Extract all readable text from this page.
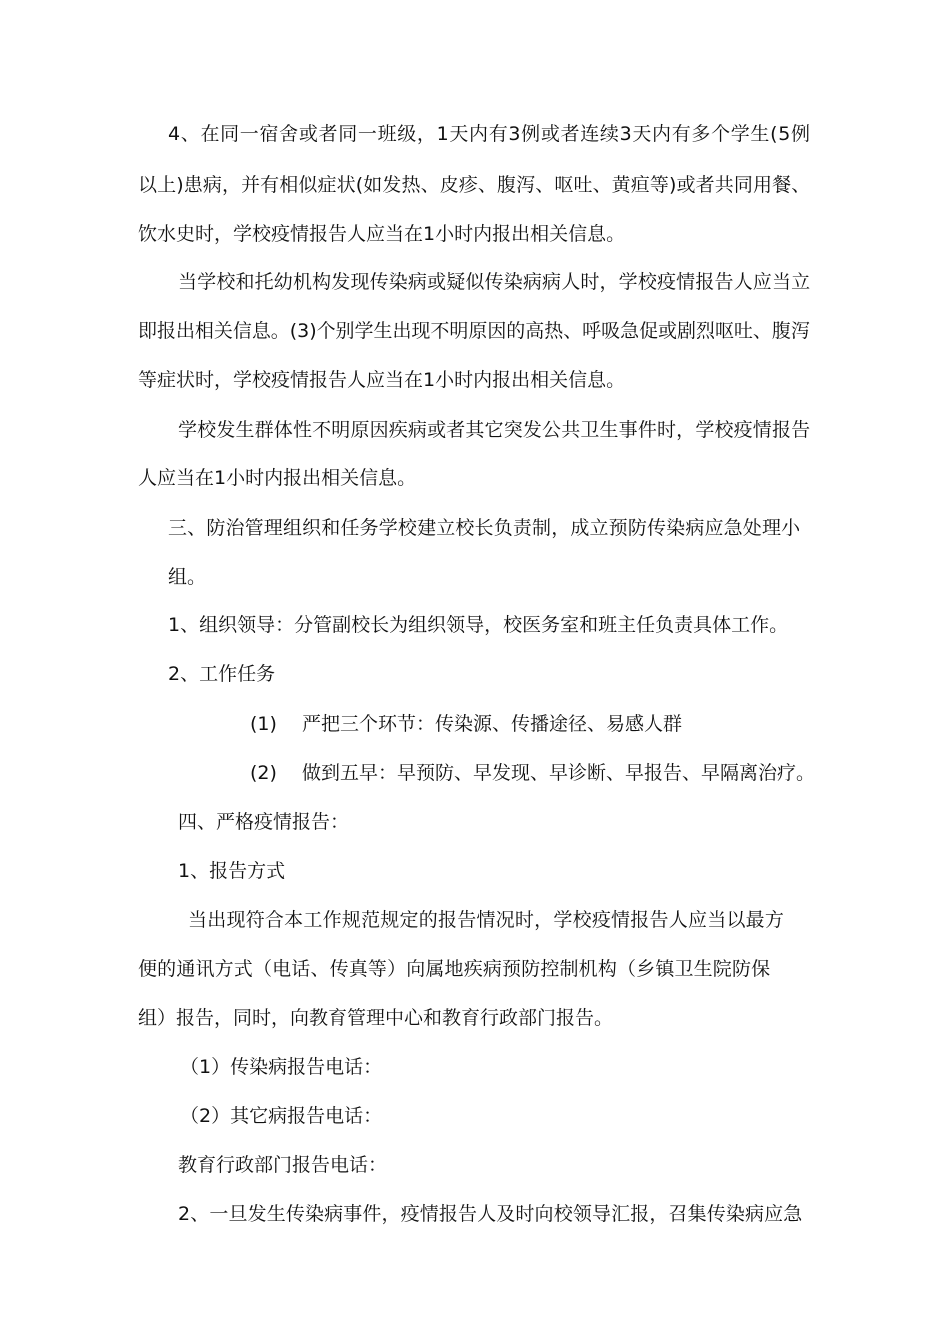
4、在同一宿舍或者同一班级，1天内有3例或者连续3天内有多个学生(5例

以上)患病，并有相似症状(如发热、皮疹、腹泻、呕吐、黄疸等)或者共同用餐、

饮水史时，学校疫情报告人应当在1小时内报出相关信息。

当学校和托幼机构发现传染病或疑似传染病病人时，学校疫情报告人应当立

即报出相关信息。(3)个别学生出现不明原因的高热、呼吸急促或剧烈呕吐、腹泻

等症状时，学校疫情报告人应当在1小时内报出相关信息。

学校发生群体性不明原因疾病或者其它突发公共卫生事件时，学校疫情报告

人应当在1小时内报出相关信息。

三、防治管理组织和任务学校建立校长负责制，成立预防传染病应急处理小

组。

1、组织领导：分管副校长为组织领导，校医务室和班主任负责具体工作。

2、工作任务

(1) 严把三个环节：传染源、传播途径、易感人群

(2) 做到五早：早预防、早发现、早诊断、早报告、早隔离治疗。

四、严格疫情报告：

1、报告方式

当出现符合本工作规范规定的报告情况时，学校疫情报告人应当以最方

便的通讯方式（电话、传真等）向属地疾病预防控制机构（乡镇卫生院防保

组）报告，同时，向教育管理中心和教育行政部门报告。

（1）传染病报告电话：

（2）其它病报告电话：

教育行政部门报告电话：

2、一旦发生传染病事件，疫情报告人及时向校领导汇报，召集传染病应急
